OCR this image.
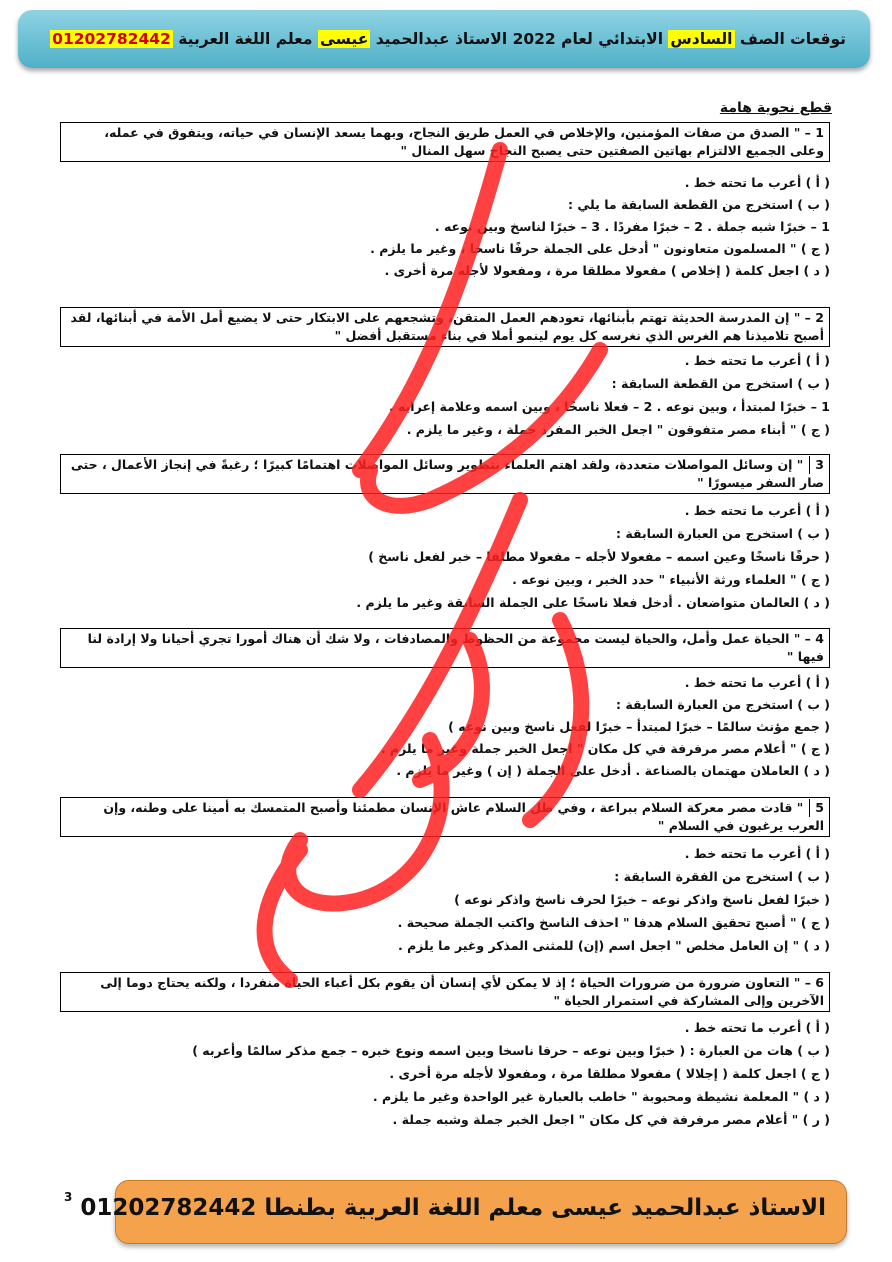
توقعات الصف السادس الابتدائي لعام 2022 الاستاذ عبدالحميد عيسى معلم اللغة العربية 01202782442
قطع نحوية هامة
1 – " الصدق من صفات المؤمنين، والإخلاص في العمل طريق النجاح، وبهما يسعد الإنسان في حياته، ويتفوق في عمله، وعلى الجميع الالتزام بهاتين الصفتين حتى يصبح النجاح سهل المنال "
( أ ) أعرب ما تحته خط .
( ب ) استخرج من القطعة السابقة ما يلي :
1 – خبرًا شبه جملة . 2 – خبرًا مفردًا . 3 – خبرًا لناسخ وبين نوعه .
( ج ) " المسلمون متعاونون " أدخل على الجملة حرفًا ناسخا ، وغير ما يلزم .
( د ) اجعل كلمة ( إخلاص ) مفعولا مطلقا مرة ، ومفعولا لأجله مرة أخرى .
2 – " إن المدرسة الحديثة تهتم بأبنائها، تعودهم العمل المتقن، وتشجعهم على الابتكار حتى لا يضيع أمل الأمة في أبنائها، لقد أصبح تلاميذنا هم الغرس الذي نغرسه كل يوم لينمو أملا في بناء مستقبل أفضل "
( أ ) أعرب ما تحته خط .
( ب ) استخرج من القطعة السابقة :
1 – خبرًا لمبتدأ ، وبين نوعه . 2 – فعلا ناسخًا ، وبين اسمه وعلامة إعرابه .
( ج ) " أبناء مصر متفوقون " اجعل الخبر المفرد جملة ، وغير ما يلزم .
3
" إن وسائل المواصلات متعددة، ولقد اهتم العلماء بتطوير وسائل المواصلات اهتمامًا كبيرًا ؛ رغبةً في إنجاز الأعمال ، حتى صار السفر ميسورًا "
( أ ) أعرب ما تحته خط .
( ب ) استخرج من العبارة السابقة :
( حرفًا ناسخًا وعين اسمه – مفعولا لأجله – مفعولا مطلقا – خبر لفعل ناسخ )
( ج ) " العلماء ورثة الأنبياء " حدد الخبر ، وبين نوعه .
( د ) العالمان متواضعان . أدخل فعلا ناسخًا على الجملة السابقة وغير ما يلزم .
4 – " الحياة عمل وأمل، والحياة ليست مجموعة من الحظوظ والمصادفات ، ولا شك أن هناك أمورا تجري أحيانا ولا إرادة لنا فيها "
( أ ) أعرب ما تحته خط .
( ب ) استخرج من العبارة السابقة :
( جمع مؤنث سالمًا – خبرًا لمبتدأ – خبرًا لفعل ناسخ وبين نوعه )
( ج ) " أعلام مصر مرفرفة في كل مكان " اجعل الخبر جملة وغير ما يلزم .
( د ) العاملان مهتمان بالصناعة . أدخل على الجملة ( إن ) وغير ما يلزم .
5
" قادت مصر معركة السلام ببراعة ، وفي ظل السلام عاش الإنسان مطمئنا وأصبح المتمسك به أمينا على وطنه، وإن العرب يرغبون في السلام "
( أ ) أعرب ما تحته خط .
( ب ) استخرج من الفقرة السابقة :
( خبرًا لفعل ناسخ واذكر نوعه – خبرًا لحرف ناسخ واذكر نوعه )
( ج ) " أصبح تحقيق السلام هدفا " احذف الناسخ واكتب الجملة صحيحة .
( د ) " إن العامل مخلص " اجعل اسم (إن) للمثنى المذكر وغير ما يلزم .
6 – " التعاون ضرورة من ضرورات الحياة ؛ إذ لا يمكن لأي إنسان أن يقوم بكل أعباء الحياة منفردا ، ولكنه يحتاج دوما إلى الآخرين وإلى المشاركة في استمرار الحياة "
( أ ) أعرب ما تحته خط .
( ب ) هات من العبارة : ( خبرًا وبين نوعه – حرفا ناسخا وبين اسمه ونوع خبره – جمع مذكر سالمًا وأعربه )
( ج ) اجعل كلمة ( إجلالا ) مفعولا مطلقا مرة ، ومفعولا لأجله مرة أخرى .
( د ) " المعلمة نشيطة ومحبوبة " خاطب بالعبارة غير الواحدة وغير ما يلزم .
( ر ) " أعلام مصر مرفرفة في كل مكان " اجعل الخبر جملة وشبه جملة .
3 الاستاذ عبدالحميد عيسى معلم اللغة العربية بطنطا 01202782442
